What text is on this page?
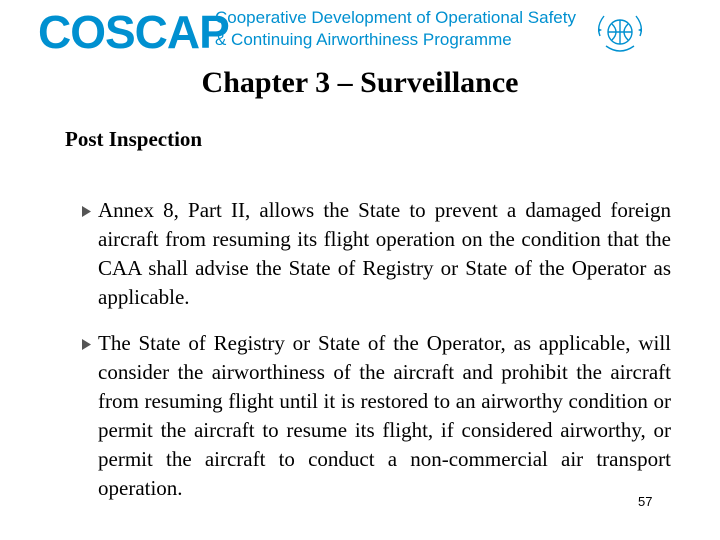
COSCAP
Cooperative Development of Operational Safety
& Continuing Airworthiness Programme
Chapter 3 – Surveillance
Post Inspection
Annex 8, Part II, allows the State to prevent a damaged foreign aircraft from resuming its flight operation on the condition that the CAA shall advise the State of Registry or State of the Operator as applicable.
The State of Registry or State of the Operator, as applicable, will consider the airworthiness of the aircraft and prohibit the aircraft from resuming flight until it is restored to an airworthy condition or permit the aircraft to resume its flight, if considered airworthy, or permit the aircraft to conduct a non-commercial air transport operation.
57
